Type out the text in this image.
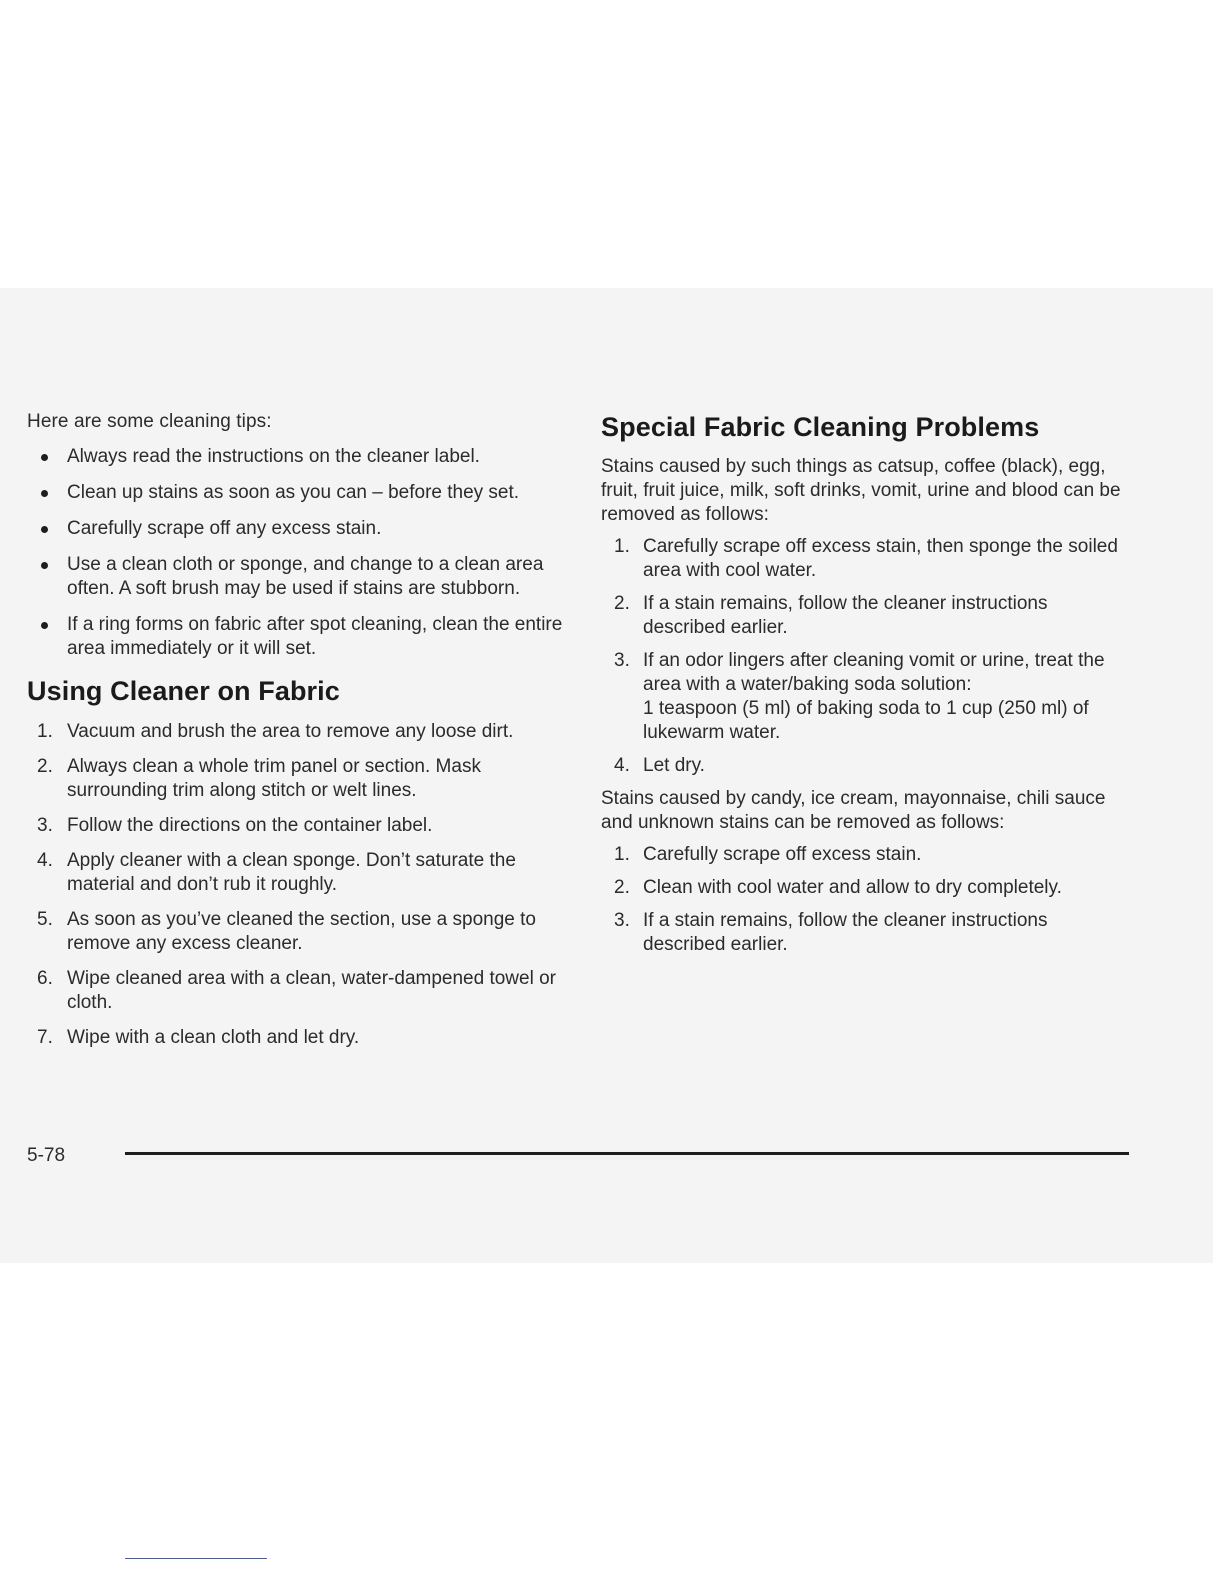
Here are some cleaning tips:

Always read the instructions on the cleaner label.
Clean up stains as soon as you can – before they set.
Carefully scrape off any excess stain.
Use a clean cloth or sponge, and change to a clean area often. A soft brush may be used if stains are stubborn.
If a ring forms on fabric after spot cleaning, clean the entire area immediately or it will set.
Using Cleaner on Fabric
1. Vacuum and brush the area to remove any loose dirt.
2. Always clean a whole trim panel or section. Mask surrounding trim along stitch or welt lines.
3. Follow the directions on the container label.
4. Apply cleaner with a clean sponge. Don’t saturate the material and don’t rub it roughly.
5. As soon as you’ve cleaned the section, use a sponge to remove any excess cleaner.
6. Wipe cleaned area with a clean, water-dampened towel or cloth.
7. Wipe with a clean cloth and let dry.
Special Fabric Cleaning Problems

Stains caused by such things as catsup, coffee (black), egg, fruit, fruit juice, milk, soft drinks, vomit, urine and blood can be removed as follows:

1. Carefully scrape off excess stain, then sponge the soiled area with cool water.
2. If a stain remains, follow the cleaner instructions described earlier.
3. If an odor lingers after cleaning vomit or urine, treat the area with a water/baking soda solution:
1 teaspoon (5 ml) of baking soda to 1 cup (250 ml) of lukewarm water.
4. Let dry.

Stains caused by candy, ice cream, mayonnaise, chili sauce and unknown stains can be removed as follows:

1. Carefully scrape off excess stain.
2. Clean with cool water and allow to dry completely.
3. If a stain remains, follow the cleaner instructions described earlier.
5-78
